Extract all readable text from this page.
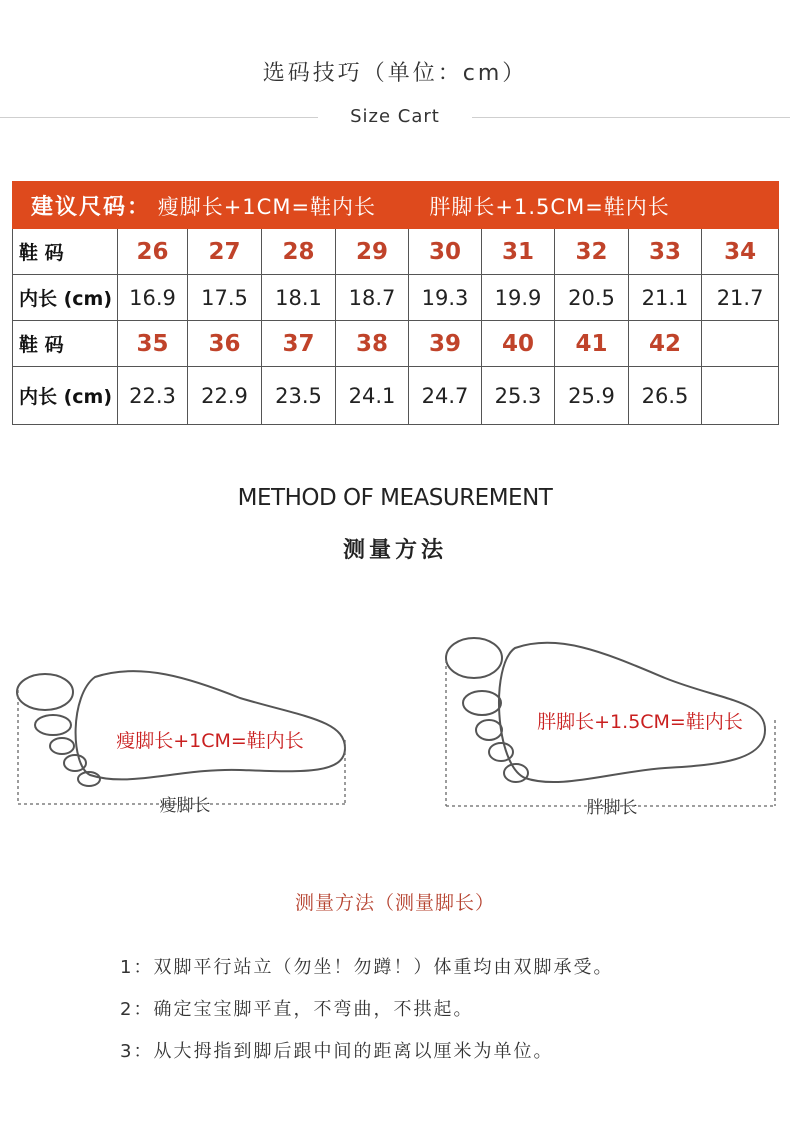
选码技巧（单位：cm）
Size Cart
建议尺码： 瘦脚长+1CM=鞋内长 胖脚长+1.5CM=鞋内长									
鞋 码	26	27	28	29	30	31	32	33	34
内长 (cm)	16.9	17.5	18.1	18.7	19.3	19.9	20.5	21.1	21.7
鞋 码	35	36	37	38	39	40	41	42	
内长 (cm)	22.3	22.9	23.5	24.1	24.7	25.3	25.9	26.5	
METHOD OF MEASUREMENT
测量方法
瘦脚长+1CM=鞋内长
瘦脚长
胖脚长+1.5CM=鞋内长
胖脚长
测量方法（测量脚长）
1：双脚平行站立（勿坐！勿蹲！）体重均由双脚承受。
2：确定宝宝脚平直，不弯曲，不拱起。
3：从大拇指到脚后跟中间的距离以厘米为单位。
